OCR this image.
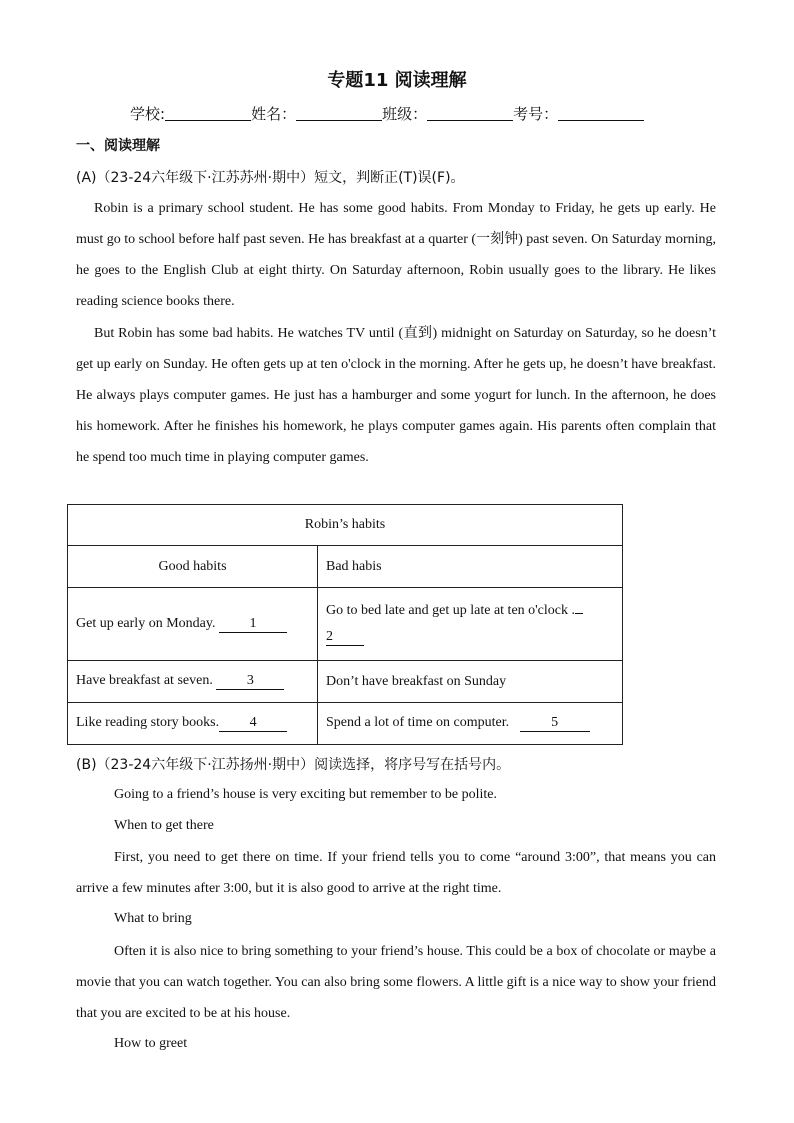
专题11 阅读理解
学校:	姓名：	班级：	考号：
一、阅读理解
(A)（23-24六年级下·江苏苏州·期中）短文，判断正(T)误(F)。
Robin is a primary school student. He has some good habits. From Monday to Friday, he gets up early. He must go to school before half past seven. He has breakfast at a quarter (一刻钟) past seven. On Saturday morning, he goes to the English Club at eight thirty. On Saturday afternoon, Robin usually goes to the library. He likes reading science books there.
But Robin has some bad habits. He watches TV until (直到) midnight on Saturday on Saturday, so he doesn’t get up early on Sunday. He often gets up at ten o'clock in the morning. After he gets up, he doesn’t have breakfast. He always plays computer games. He just has a hamburger and some yogurt for lunch. In the afternoon, he does his homework. After he finishes his homework, he plays computer games again. His parents often complain that he spend too much time in playing computer games.
Robin’s habits	
Good habits	Bad habis
Get up early on Monday. 1	Go to bed late and get up late at ten o'clock .
2

Have breakfast at seven. 3	Don’t have breakfast on Sunday
Like reading story books. 4	Spend a lot of time on computer. 5
(B)（23-24六年级下·江苏扬州·期中）阅读选择，将序号写在括号内。
Going to a friend’s house is very exciting but remember to be polite.
When to get there
First, you need to get there on time. If your friend tells you to come “around 3:00”, that means you can arrive a few minutes after 3:00, but it is also good to arrive at the right time.
What to bring
Often it is also nice to bring something to your friend’s house. This could be a box of chocolate or maybe a movie that you can watch together. You can also bring some flowers. A little gift is a nice way to show your friend that you are excited to be at his house.
How to greet
